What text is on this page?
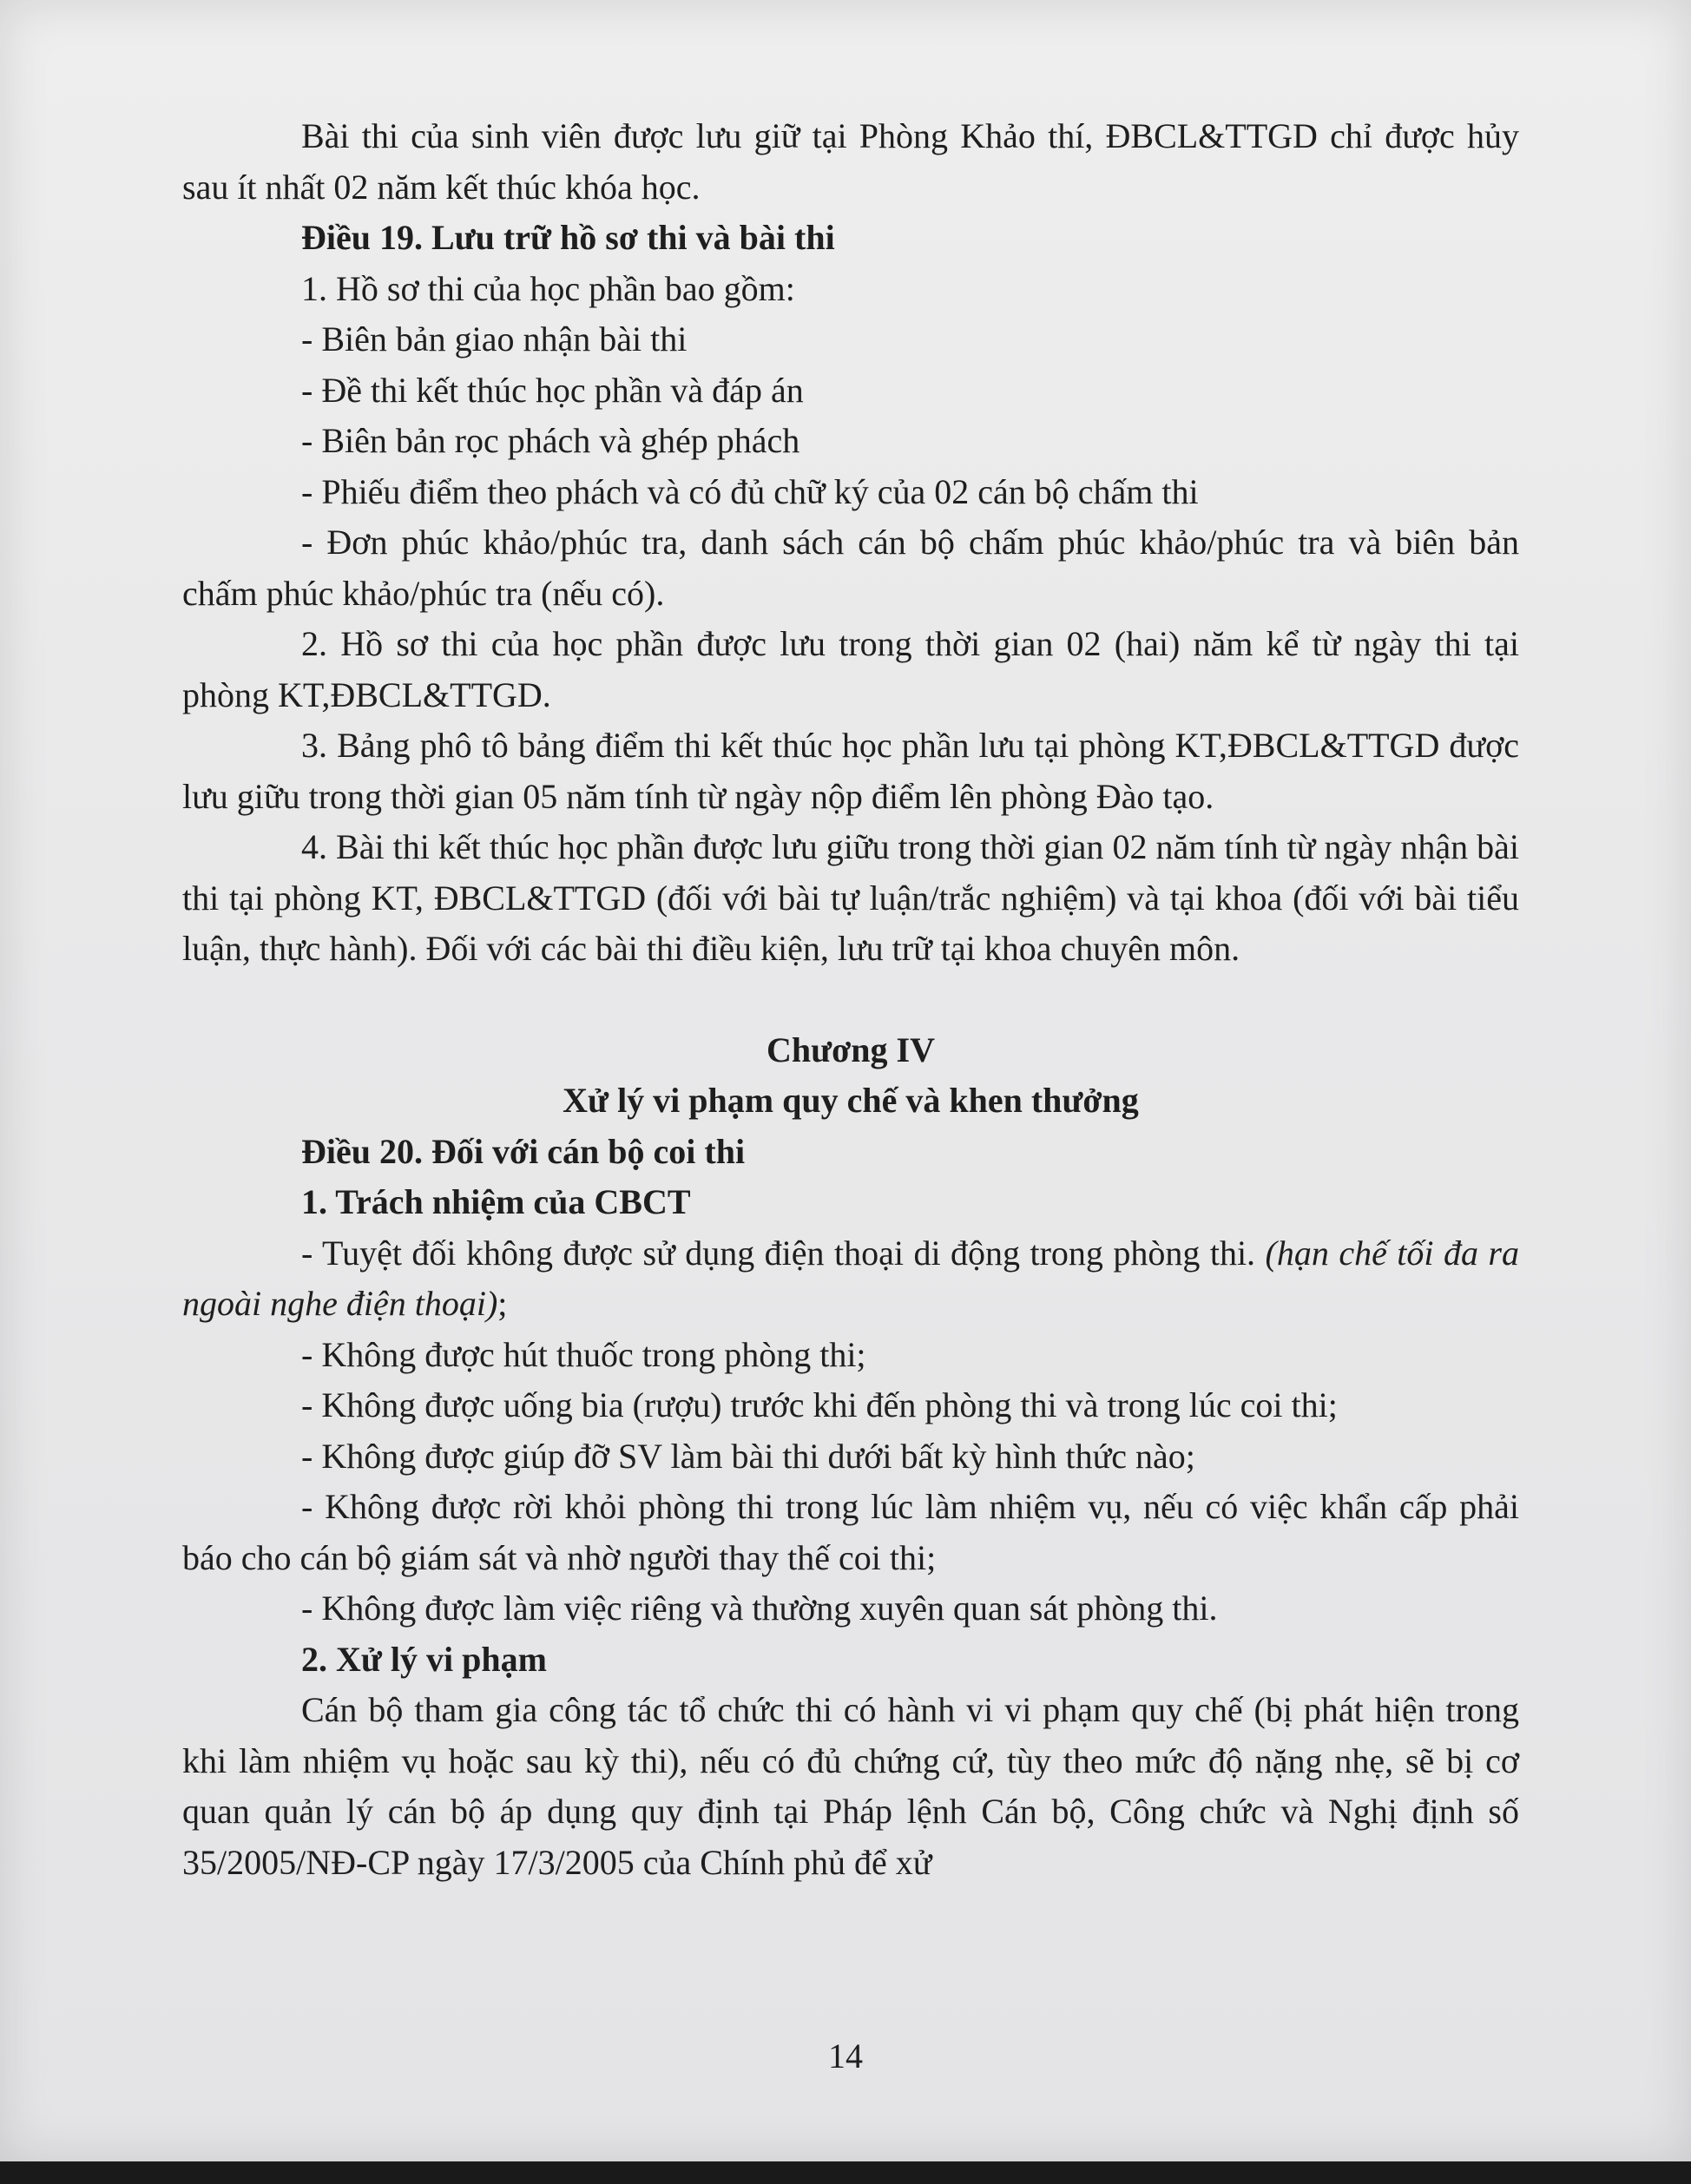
Bài thi của sinh viên được lưu giữ tại Phòng Khảo thí, ĐBCL&TTGD chỉ được hủy sau ít nhất 02 năm kết thúc khóa học.

Điều 19. Lưu trữ hồ sơ thi và bài thi

1. Hồ sơ thi của học phần bao gồm:

- Biên bản giao nhận bài thi

- Đề thi kết thúc học phần và đáp án

- Biên bản rọc phách và ghép phách

- Phiếu điểm theo phách và có đủ chữ ký của 02 cán bộ chấm thi

- Đơn phúc khảo/phúc tra, danh sách cán bộ chấm phúc khảo/phúc tra và biên bản chấm phúc khảo/phúc tra (nếu có).

2. Hồ sơ thi của học phần được lưu trong thời gian 02 (hai) năm kể từ ngày thi tại phòng KT,ĐBCL&TTGD.

3. Bảng phô tô bảng điểm thi kết thúc học phần lưu tại phòng KT,ĐBCL&TTGD được lưu giữu trong thời gian 05 năm tính từ ngày nộp điểm lên phòng Đào tạo.

4. Bài thi kết thúc học phần được lưu giữu trong thời gian 02 năm tính từ ngày nhận bài thi tại phòng KT, ĐBCL&TTGD (đối với bài tự luận/trắc nghiệm) và tại khoa (đối với bài tiểu luận, thực hành). Đối với các bài thi điều kiện, lưu trữ tại khoa chuyên môn.

Chương IV

Xử lý vi phạm quy chế và khen thưởng

Điều 20. Đối với cán bộ coi thi

1. Trách nhiệm của CBCT

- Tuyệt đối không được sử dụng điện thoại di động trong phòng thi. (hạn chế tối đa ra ngoài nghe điện thoại);

- Không được hút thuốc trong phòng thi;

- Không được uống bia (rượu) trước khi đến phòng thi và trong lúc coi thi;

- Không được giúp đỡ SV làm bài thi dưới bất kỳ hình thức nào;

- Không được rời khỏi phòng thi trong lúc làm nhiệm vụ, nếu có việc khẩn cấp phải báo cho cán bộ giám sát và nhờ người thay thế coi thi;

- Không được làm việc riêng và thường xuyên quan sát phòng thi.

2. Xử lý vi phạm

Cán bộ tham gia công tác tổ chức thi có hành vi vi phạm quy chế (bị phát hiện trong khi làm nhiệm vụ hoặc sau kỳ thi), nếu có đủ chứng cứ, tùy theo mức độ nặng nhẹ, sẽ bị cơ quan quản lý cán bộ áp dụng quy định tại Pháp lệnh Cán bộ, Công chức và Nghị định số 35/2005/NĐ-CP ngày 17/3/2005 của Chính phủ để xử

14
